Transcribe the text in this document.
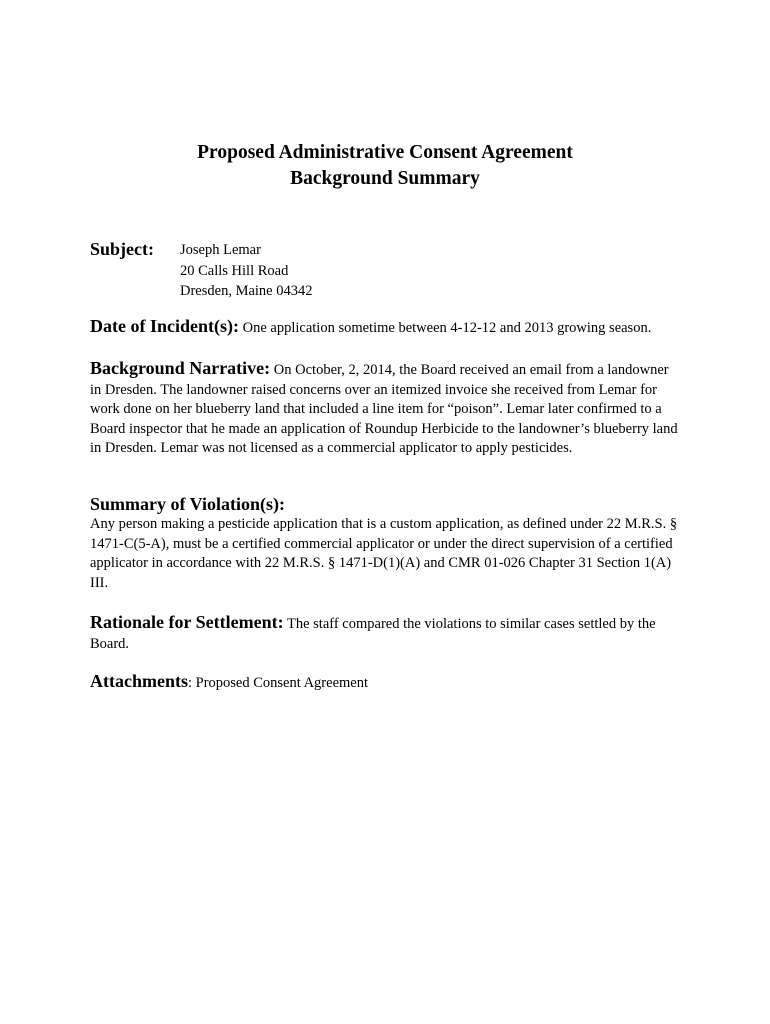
Proposed Administrative Consent Agreement
Background Summary
Subject: Joseph Lemar
20 Calls Hill Road
Dresden, Maine 04342
Date of Incident(s): One application sometime between 4-12-12 and 2013 growing season.
Background Narrative: On October, 2, 2014, the Board received an email from a landowner in Dresden. The landowner raised concerns over an itemized invoice she received from Lemar for work done on her blueberry land that included a line item for “poison”. Lemar later confirmed to a Board inspector that he made an application of Roundup Herbicide to the landowner’s blueberry land in Dresden. Lemar was not licensed as a commercial applicator to apply pesticides.
Summary of Violation(s):
Any person making a pesticide application that is a custom application, as defined under 22 M.R.S. § 1471-C(5-A), must be a certified commercial applicator or under the direct supervision of a certified applicator in accordance with 22 M.R.S. § 1471-D(1)(A) and CMR 01-026 Chapter 31 Section 1(A) III.
Rationale for Settlement: The staff compared the violations to similar cases settled by the Board.
Attachments: Proposed Consent Agreement
